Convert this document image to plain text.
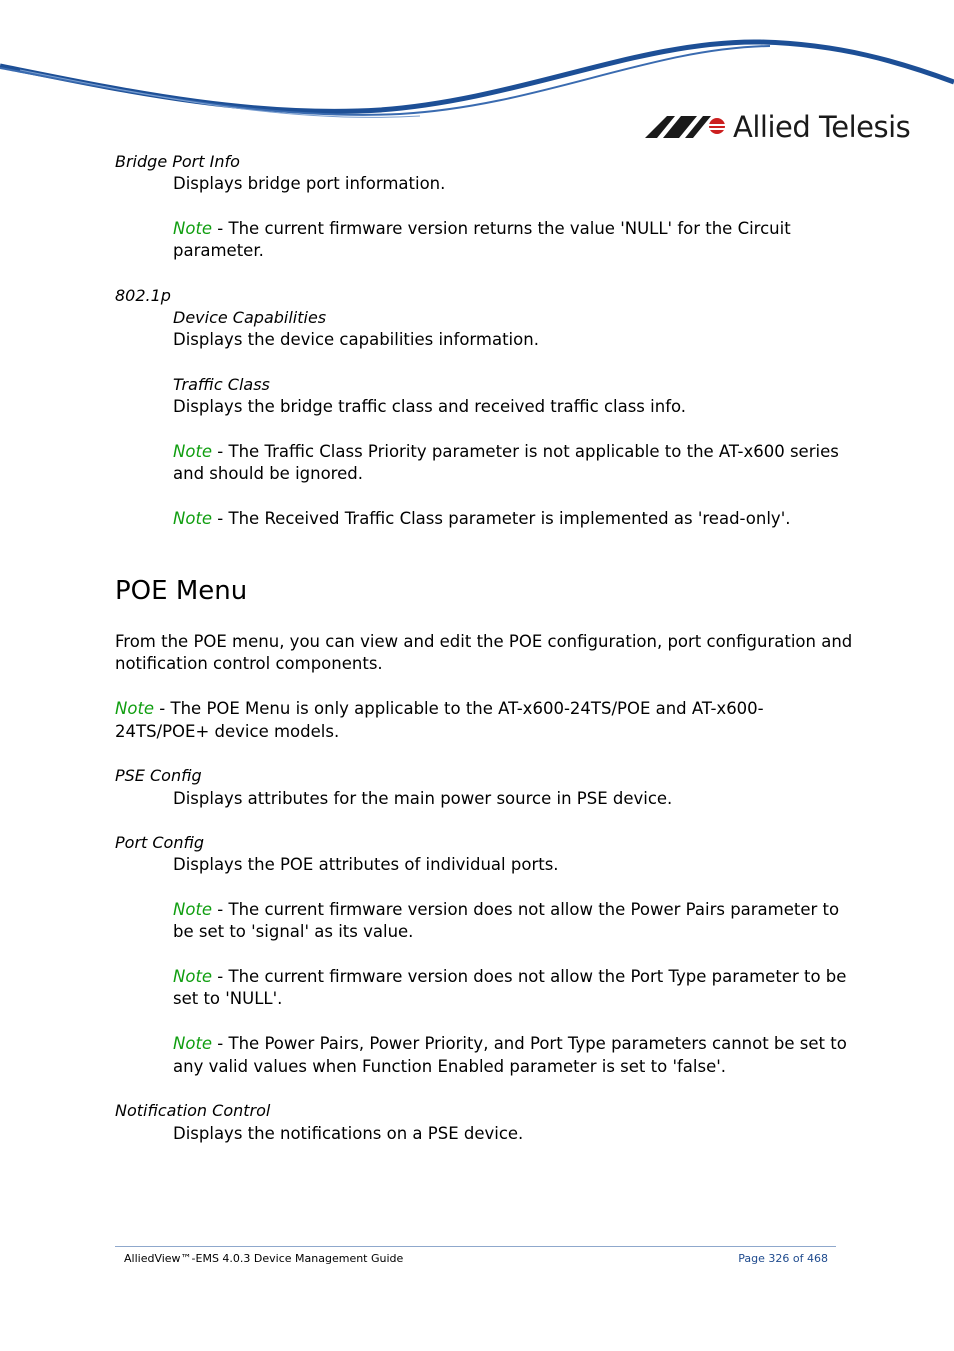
Allied Telesis
Bridge Port Info
Displays bridge port information.
Note - The current firmware version returns the value 'NULL' for the Circuit
parameter.
802.1p
Device Capabilities
Displays the device capabilities information.
Traffic Class
Displays the bridge traffic class and received traffic class info.
Note - The Traffic Class Priority parameter is not applicable to the AT-x600 series
and should be ignored.
Note - The Received Traffic Class parameter is implemented as 'read-only'.
POE Menu
From the POE menu, you can view and edit the POE configuration, port configuration and
notification control components.
Note - The POE Menu is only applicable to the AT-x600-24TS/POE and AT-x600-
24TS/POE+ device models.
PSE Config
Displays attributes for the main power source in PSE device.
Port Config
Displays the POE attributes of individual ports.
Note - The current firmware version does not allow the Power Pairs parameter to
be set to 'signal' as its value.
Note - The current firmware version does not allow the Port Type parameter to be
set to 'NULL'.
Note - The Power Pairs, Power Priority, and Port Type parameters cannot be set to
any valid values when Function Enabled parameter is set to 'false'.
Notification Control
Displays the notifications on a PSE device.
AlliedView™-EMS 4.0.3 Device Management Guide	Page 326 of 468
